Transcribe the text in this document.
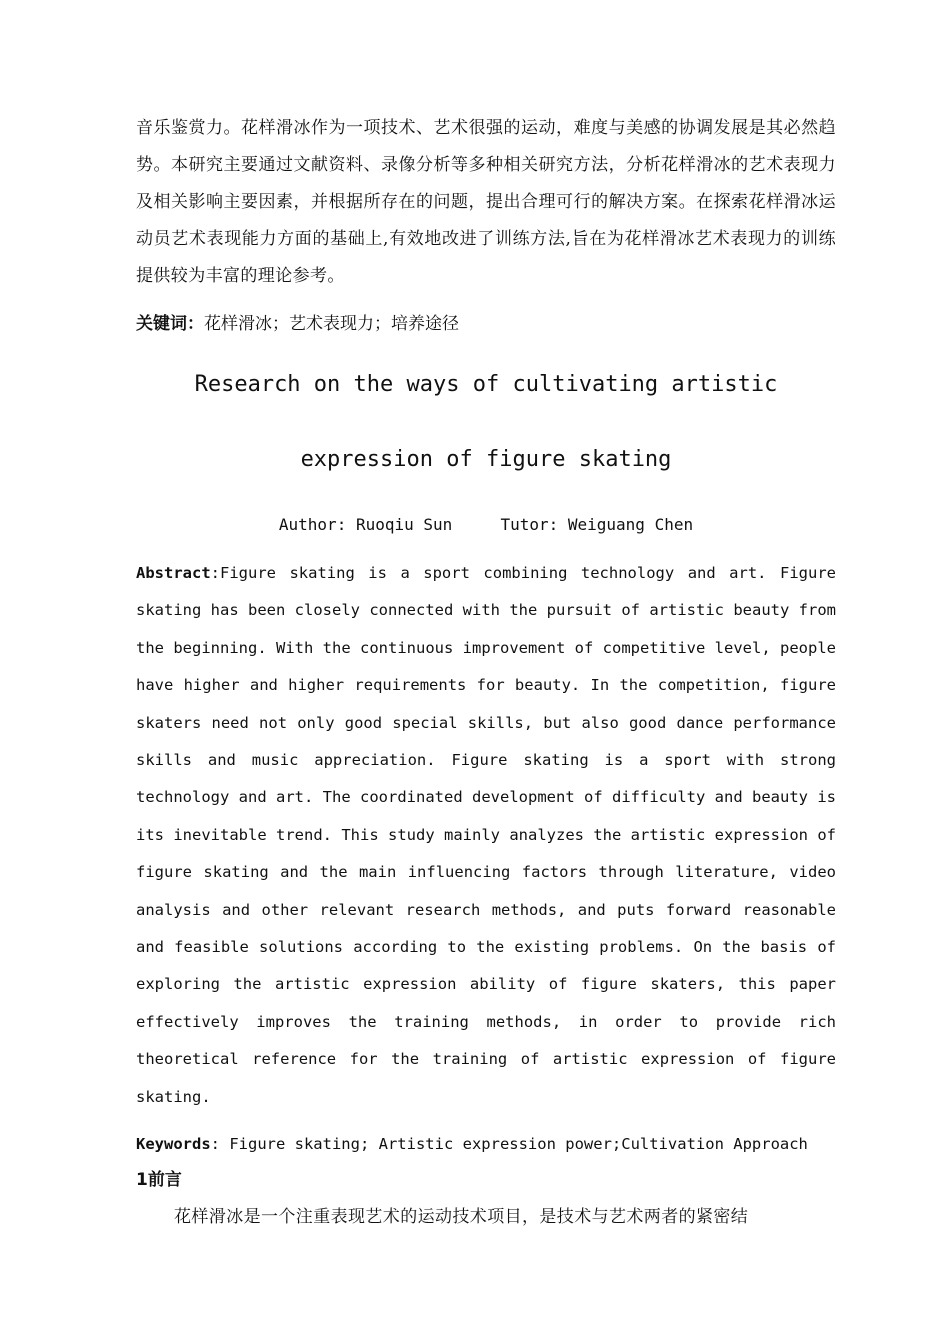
音乐鉴赏力。花样滑冰作为一项技术、艺术很强的运动，难度与美感的协调发展是其必然趋势。本研究主要通过文献资料、录像分析等多种相关研究方法，分析花样滑冰的艺术表现力及相关影响主要因素，并根据所存在的问题，提出合理可行的解决方案。在探索花样滑冰运动员艺术表现能力方面的基础上,有效地改进了训练方法,旨在为花样滑冰艺术表现力的训练提供较为丰富的理论参考。
关键词：花样滑冰；艺术表现力；培养途径
Research on the ways of cultivating artistic
expression of figure skating
Author: Ruoqiu Sun     Tutor: Weiguang Chen
Abstract:Figure skating is a sport combining technology and art. Figure skating has been closely connected with the pursuit of artistic beauty from the beginning. With the continuous improvement of competitive level, people have higher and higher requirements for beauty. In the competition, figure skaters need not only good special skills, but also good dance performance skills and music appreciation. Figure skating is a sport with strong technology and art. The coordinated development of difficulty and beauty is its inevitable trend. This study mainly analyzes the artistic expression of figure skating and the main influencing factors through literature, video analysis and other relevant research methods, and puts forward reasonable and feasible solutions according to the existing problems. On the basis of exploring the artistic expression ability of figure skaters, this paper effectively improves the training methods, in order to provide rich theoretical reference for the training of artistic expression of figure skating.
Keywords: Figure skating; Artistic expression power;Cultivation Approach
1前言
花样滑冰是一个注重表现艺术的运动技术项目，是技术与艺术两者的紧密结
